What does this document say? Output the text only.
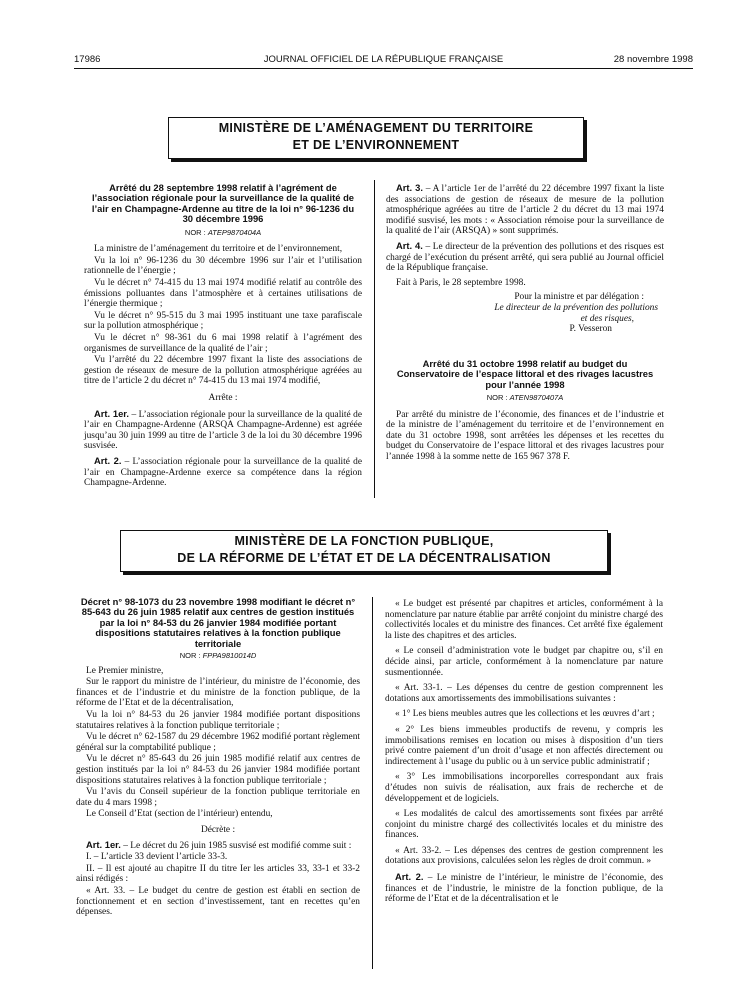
17986	JOURNAL OFFICIEL DE LA RÉPUBLIQUE FRANÇAISE	28 novembre 1998
MINISTÈRE DE L’AMÉNAGEMENT DU TERRITOIRE
ET DE L’ENVIRONNEMENT
Arrêté du 28 septembre 1998 relatif à l’agrément de l’association régionale pour la surveillance de la qualité de l’air en Champagne-Ardenne au titre de la loi n° 96-1236 du 30 décembre 1996
NOR : ATEP9870404A

La ministre de l’aménagement du territoire et de l’environnement,

Vu la loi n° 96-1236 du 30 décembre 1996 sur l’air et l’utilisation rationnelle de l’énergie ;

Vu le décret n° 74-415 du 13 mai 1974 modifié relatif au contrôle des émissions polluantes dans l’atmosphère et à certaines utilisations de l’énergie thermique ;

Vu le décret n° 95-515 du 3 mai 1995 instituant une taxe parafiscale sur la pollution atmosphérique ;

Vu le décret n° 98-361 du 6 mai 1998 relatif à l’agrément des organismes de surveillance de la qualité de l’air ;

Vu l’arrêté du 22 décembre 1997 fixant la liste des associations de gestion de réseaux de mesure de la pollution atmosphérique agréées au titre de l’article 2 du décret n° 74-415 du 13 mai 1974 modifié,

Arrête :

Art. 1er. – L’association régionale pour la surveillance de la qualité de l’air en Champagne-Ardenne (ARSQA Champagne-Ardenne) est agréée jusqu’au 30 juin 1999 au titre de l’article 3 de la loi du 30 décembre 1996 susvisée.

Art. 2. – L’association régionale pour la surveillance de la qualité de l’air en Champagne-Ardenne exerce sa compétence dans la région Champagne-Ardenne.

Art. 3. – A l’article 1er de l’arrêté du 22 décembre 1997 fixant la liste des associations de gestion de réseaux de mesure de la pollution atmosphérique agréées au titre de l’article 2 du décret du 13 mai 1974 modifié susvisé, les mots : « Association rémoise pour la surveillance de la qualité de l’air (ARSQA) » sont supprimés.

Art. 4. – Le directeur de la prévention des pollutions et des risques est chargé de l’exécution du présent arrêté, qui sera publié au Journal officiel de la République française.

Fait à Paris, le 28 septembre 1998.

Pour la ministre et par délégation :
Le directeur de la prévention des pollutions
et des risques,
P. Vesseron
Arrêté du 31 octobre 1998 relatif au budget du Conservatoire de l’espace littoral et des rivages lacustres pour l’année 1998
NOR : ATEN9870407A

Par arrêté du ministre de l’économie, des finances et de l’industrie et de la ministre de l’aménagement du territoire et de l’environnement en date du 31 octobre 1998, sont arrêtées les dépenses et les recettes du budget du Conservatoire de l’espace littoral et des rivages lacustres pour l’année 1998 à la somme nette de 165 967 378 F.

MINISTÈRE DE LA FONCTION PUBLIQUE,
DE LA RÉFORME DE L’ÉTAT ET DE LA DÉCENTRALISATION
Décret n° 98-1073 du 23 novembre 1998 modifiant le décret n° 85-643 du 26 juin 1985 relatif aux centres de gestion institués par la loi n° 84-53 du 26 janvier 1984 modifiée portant dispositions statutaires relatives à la fonction publique territoriale
NOR : FPPA9810014D

Le Premier ministre,

Sur le rapport du ministre de l’intérieur, du ministre de l’économie, des finances et de l’industrie et du ministre de la fonction publique, de la réforme de l’Etat et de la décentralisation,

Vu la loi n° 84-53 du 26 janvier 1984 modifiée portant dispositions statutaires relatives à la fonction publique territoriale ;

Vu le décret n° 62-1587 du 29 décembre 1962 modifié portant règlement général sur la comptabilité publique ;

Vu le décret n° 85-643 du 26 juin 1985 modifié relatif aux centres de gestion institués par la loi n° 84-53 du 26 janvier 1984 modifiée portant dispositions statutaires relatives à la fonction publique territoriale ;

Vu l’avis du Conseil supérieur de la fonction publique territoriale en date du 4 mars 1998 ;

Le Conseil d’Etat (section de l’intérieur) entendu,

Décrète :

Art. 1er. – Le décret du 26 juin 1985 susvisé est modifié comme suit :

I. – L’article 33 devient l’article 33-3.

II. – Il est ajouté au chapitre II du titre Ier les articles 33, 33-1 et 33-2 ainsi rédigés :

« Art. 33. – Le budget du centre de gestion est établi en section de fonctionnement et en section d’investissement, tant en recettes qu’en dépenses.

« Le budget est présenté par chapitres et articles, conformément à la nomenclature par nature établie par arrêté conjoint du ministre chargé des collectivités locales et du ministre des finances. Cet arrêté fixe également la liste des chapitres et des articles.

« Le conseil d’administration vote le budget par chapitre ou, s’il en décide ainsi, par article, conformément à la nomenclature par nature susmentionnée.

« Art. 33-1. – Les dépenses du centre de gestion comprennent les dotations aux amortissements des immobilisations suivantes :

« 1° Les biens meubles autres que les collections et les œuvres d’art ;

« 2° Les biens immeubles productifs de revenu, y compris les immobilisations remises en location ou mises à disposition d’un tiers privé contre paiement d’un droit d’usage et non affectés directement ou indirectement à l’usage du public ou à un service public administratif ;

« 3° Les immobilisations incorporelles correspondant aux frais d’études non suivis de réalisation, aux frais de recherche et de développement et de logiciels.

« Les modalités de calcul des amortissements sont fixées par arrêté conjoint du ministre chargé des collectivités locales et du ministre des finances.

« Art. 33-2. – Les dépenses des centres de gestion comprennent les dotations aux provisions, calculées selon les règles de droit commun. »

Art. 2. – Le ministre de l’intérieur, le ministre de l’économie, des finances et de l’industrie, le ministre de la fonction publique, de la réforme de l’Etat et de la décentralisation et le
